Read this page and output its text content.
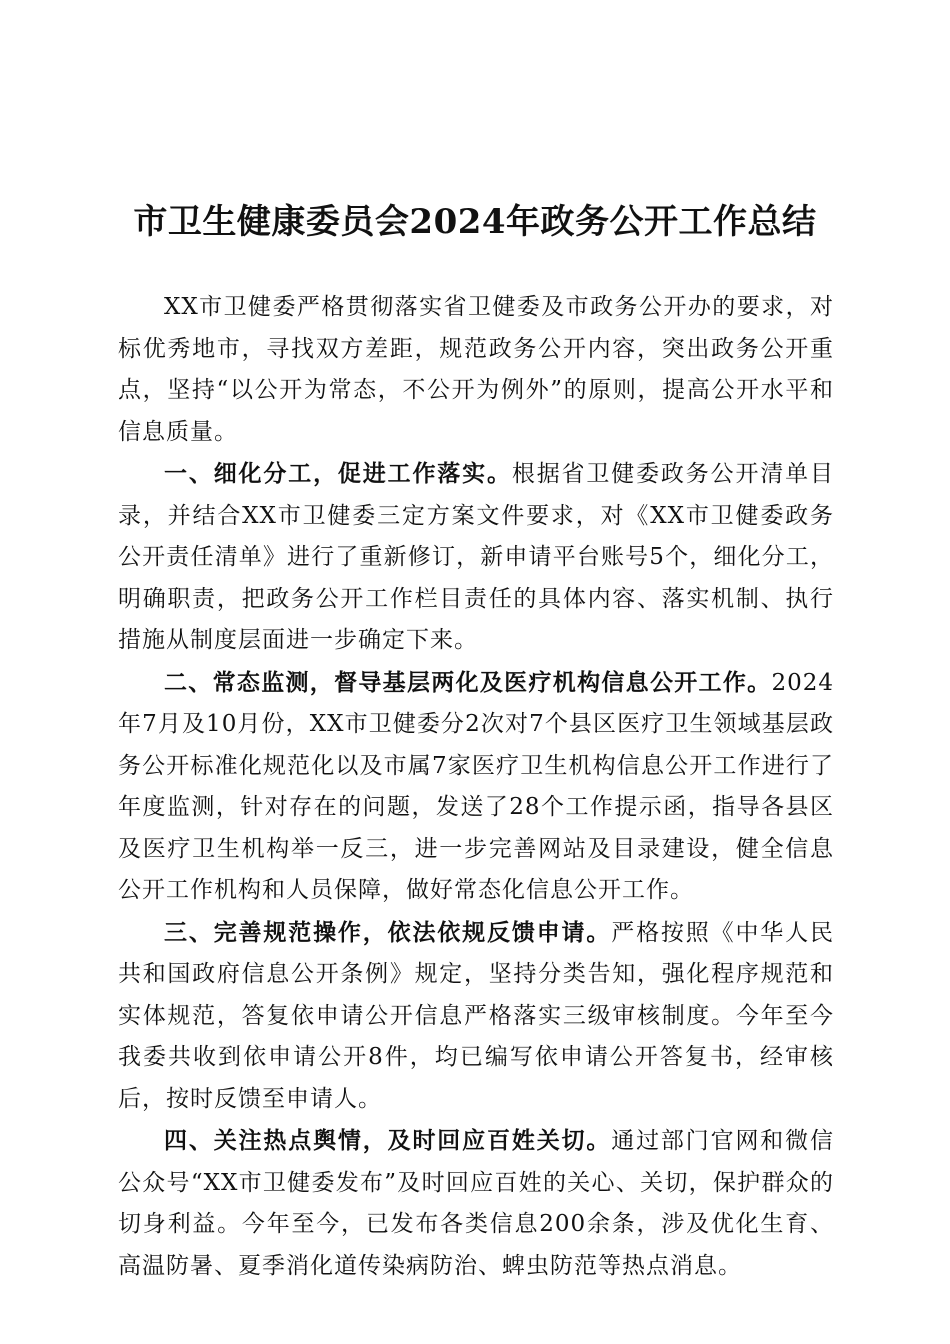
市卫生健康委员会2024年政务公开工作总结

XX市卫健委严格贯彻落实省卫健委及市政务公开办的要求，对标优秀地市，寻找双方差距，规范政务公开内容，突出政务公开重点，坚持“以公开为常态，不公开为例外”的原则，提高公开水平和信息质量。

一、细化分工，促进工作落实。根据省卫健委政务公开清单目录，并结合XX市卫健委三定方案文件要求，对《XX市卫健委政务公开责任清单》进行了重新修订，新申请平台账号5个，细化分工，明确职责，把政务公开工作栏目责任的具体内容、落实机制、执行措施从制度层面进一步确定下来。

二、常态监测，督导基层两化及医疗机构信息公开工作。2024年7月及10月份，XX市卫健委分2次对7个县区医疗卫生领域基层政务公开标准化规范化以及市属7家医疗卫生机构信息公开工作进行了年度监测，针对存在的问题，发送了28个工作提示函，指导各县区及医疗卫生机构举一反三，进一步完善网站及目录建设，健全信息公开工作机构和人员保障，做好常态化信息公开工作。

三、完善规范操作，依法依规反馈申请。严格按照《中华人民共和国政府信息公开条例》规定，坚持分类告知，强化程序规范和实体规范，答复依申请公开信息严格落实三级审核制度。今年至今我委共收到依申请公开8件，均已编写依申请公开答复书，经审核后，按时反馈至申请人。

四、关注热点舆情，及时回应百姓关切。通过部门官网和微信公众号“XX市卫健委发布”及时回应百姓的关心、关切，保护群众的切身利益。今年至今，已发布各类信息200余条，涉及优化生育、高温防暑、夏季消化道传染病防治、蜱虫防范等热点消息。
